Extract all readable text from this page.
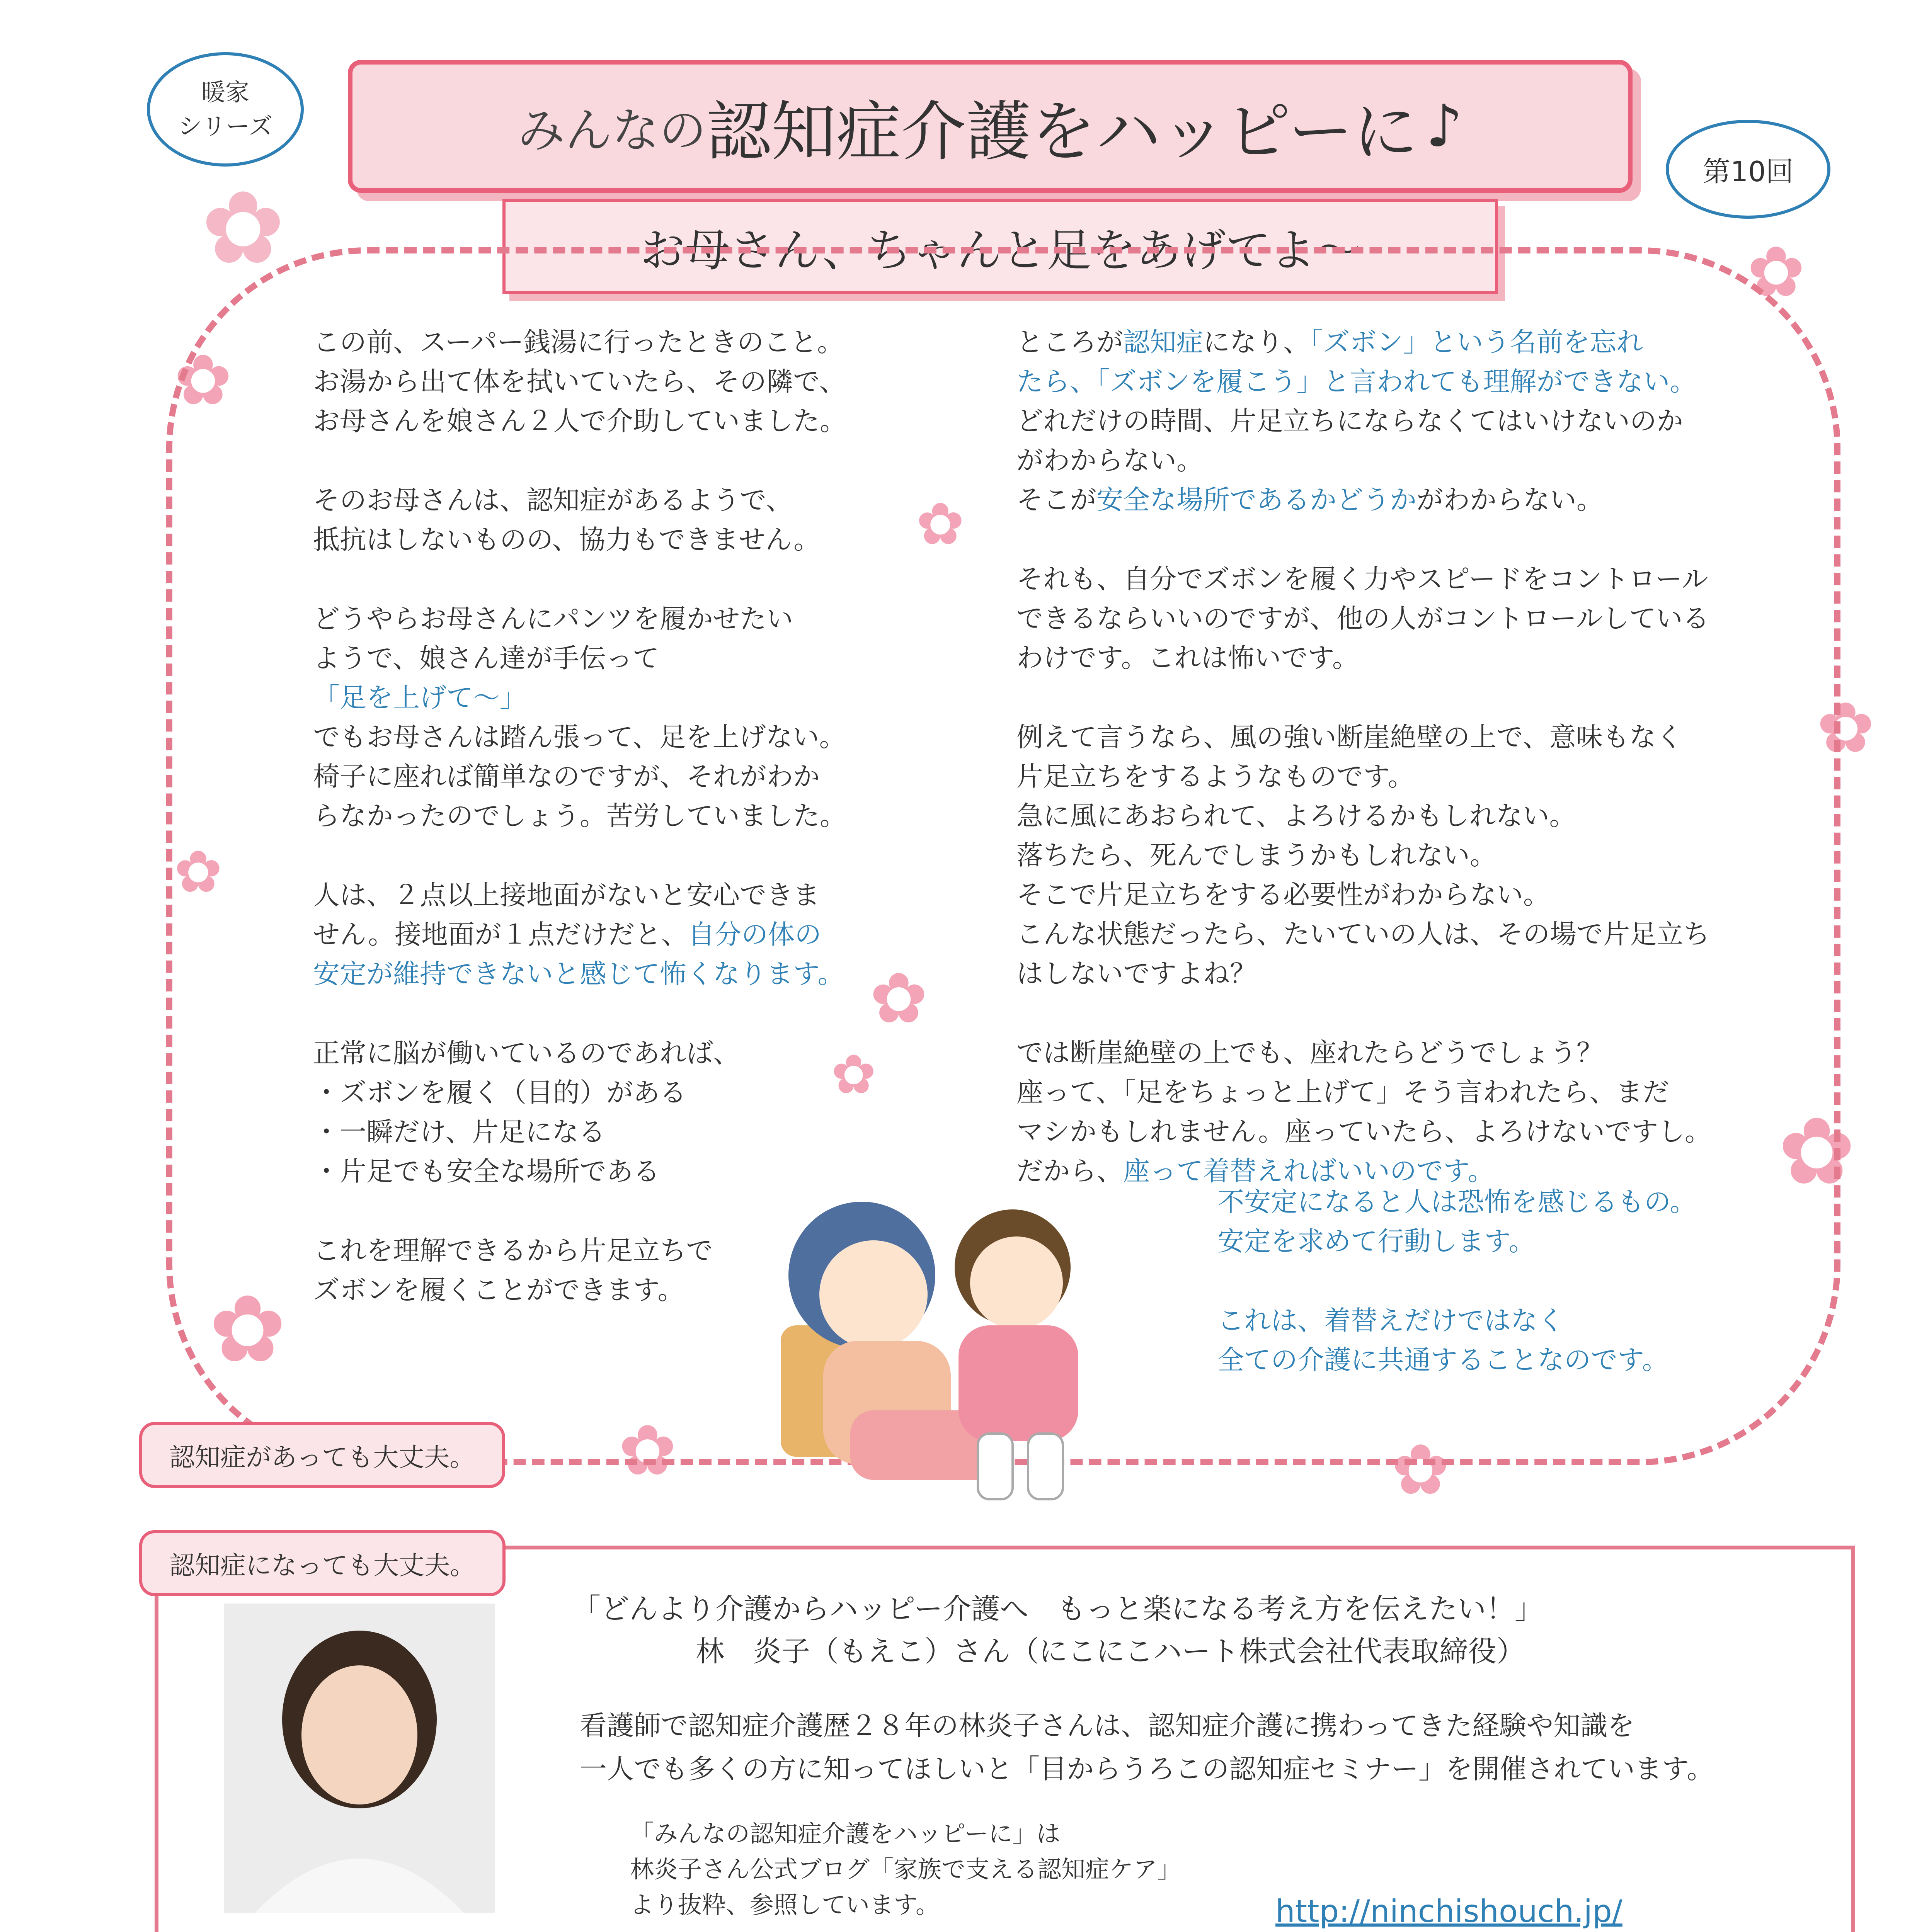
暖家
シリーズ	みんなの 認知症介護をハッピーに ♪
第10回
お母さん、ちゃんと足をあげてよ～
✿	✿
✿
✿
✿
✿
✿
✿
✿
✿
✿	✿

この前、スーパー銭湯に行ったときのこと。
お湯から出て体を拭いていたら、その隣で、
お母さんを娘さん２人で介助していました。

そのお母さんは、認知症があるようで、
抵抗はしないものの、協力もできません。

どうやらお母さんにパンツを履かせたい
ようで、娘さん達が手伝って
「足を上げて～」
でもお母さんは踏ん張って、足を上げない。
椅子に座れば簡単なのですが、それがわか
らなかったのでしょう。苦労していました。

人は、２点以上接地面がないと安心できま
せん。接地面が１点だけだと、自分の体の
安定が維持できないと感じて怖くなります。

正常に脳が働いているのであれば、
・ズボンを履く（目的）がある
・一瞬だけ、片足になる
・片足でも安全な場所である

これを理解できるから片足立ちで
ズボンを履くことができます。

ところが認知症になり、「ズボン」という名前を忘れ
たら、「ズボンを履こう」と言われても理解ができない。
どれだけの時間、片足立ちにならなくてはいけないのか
がわからない。
そこが安全な場所であるかどうかがわからない。

それも、自分でズボンを履く力やスピードをコントロール
できるならいいのですが、他の人がコントロールしている
わけです。これは怖いです。

例えて言うなら、風の強い断崖絶壁の上で、意味もなく
片足立ちをするようなものです。
急に風にあおられて、よろけるかもしれない。
落ちたら、死んでしまうかもしれない。
そこで片足立ちをする必要性がわからない。
こんな状態だったら、たいていの人は、その場で片足立ち
はしないですよね？

では断崖絶壁の上でも、座れたらどうでしょう？
座って、「足をちょっと上げて」そう言われたら、まだ
マシかもしれません。座っていたら、よろけないですし。
だから、座って着替えればいいのです。

不安定になると人は恐怖を感じるもの。
安定を求めて行動します。

これは、着替えだけではなく
全ての介護に共通することなのです。

認知症があっても大丈夫。
認知症になっても大丈夫。
「どんより介護からハッピー介護へ　もっと楽になる考え方を伝えたい！」
林　炎子（もえこ）さん（にこにこハート株式会社代表取締役）
看護師で認知症介護歴２８年の林炎子さんは、認知症介護に携わってきた経験や知識を
一人でも多くの方に知ってほしいと「目からうろこの認知症セミナー」を開催されています。
「みんなの認知症介護をハッピーに」は
林炎子さん公式ブログ「家族で支える認知症ケア」
より抜粋、参照しています。	http://ninchishouch.jp/
